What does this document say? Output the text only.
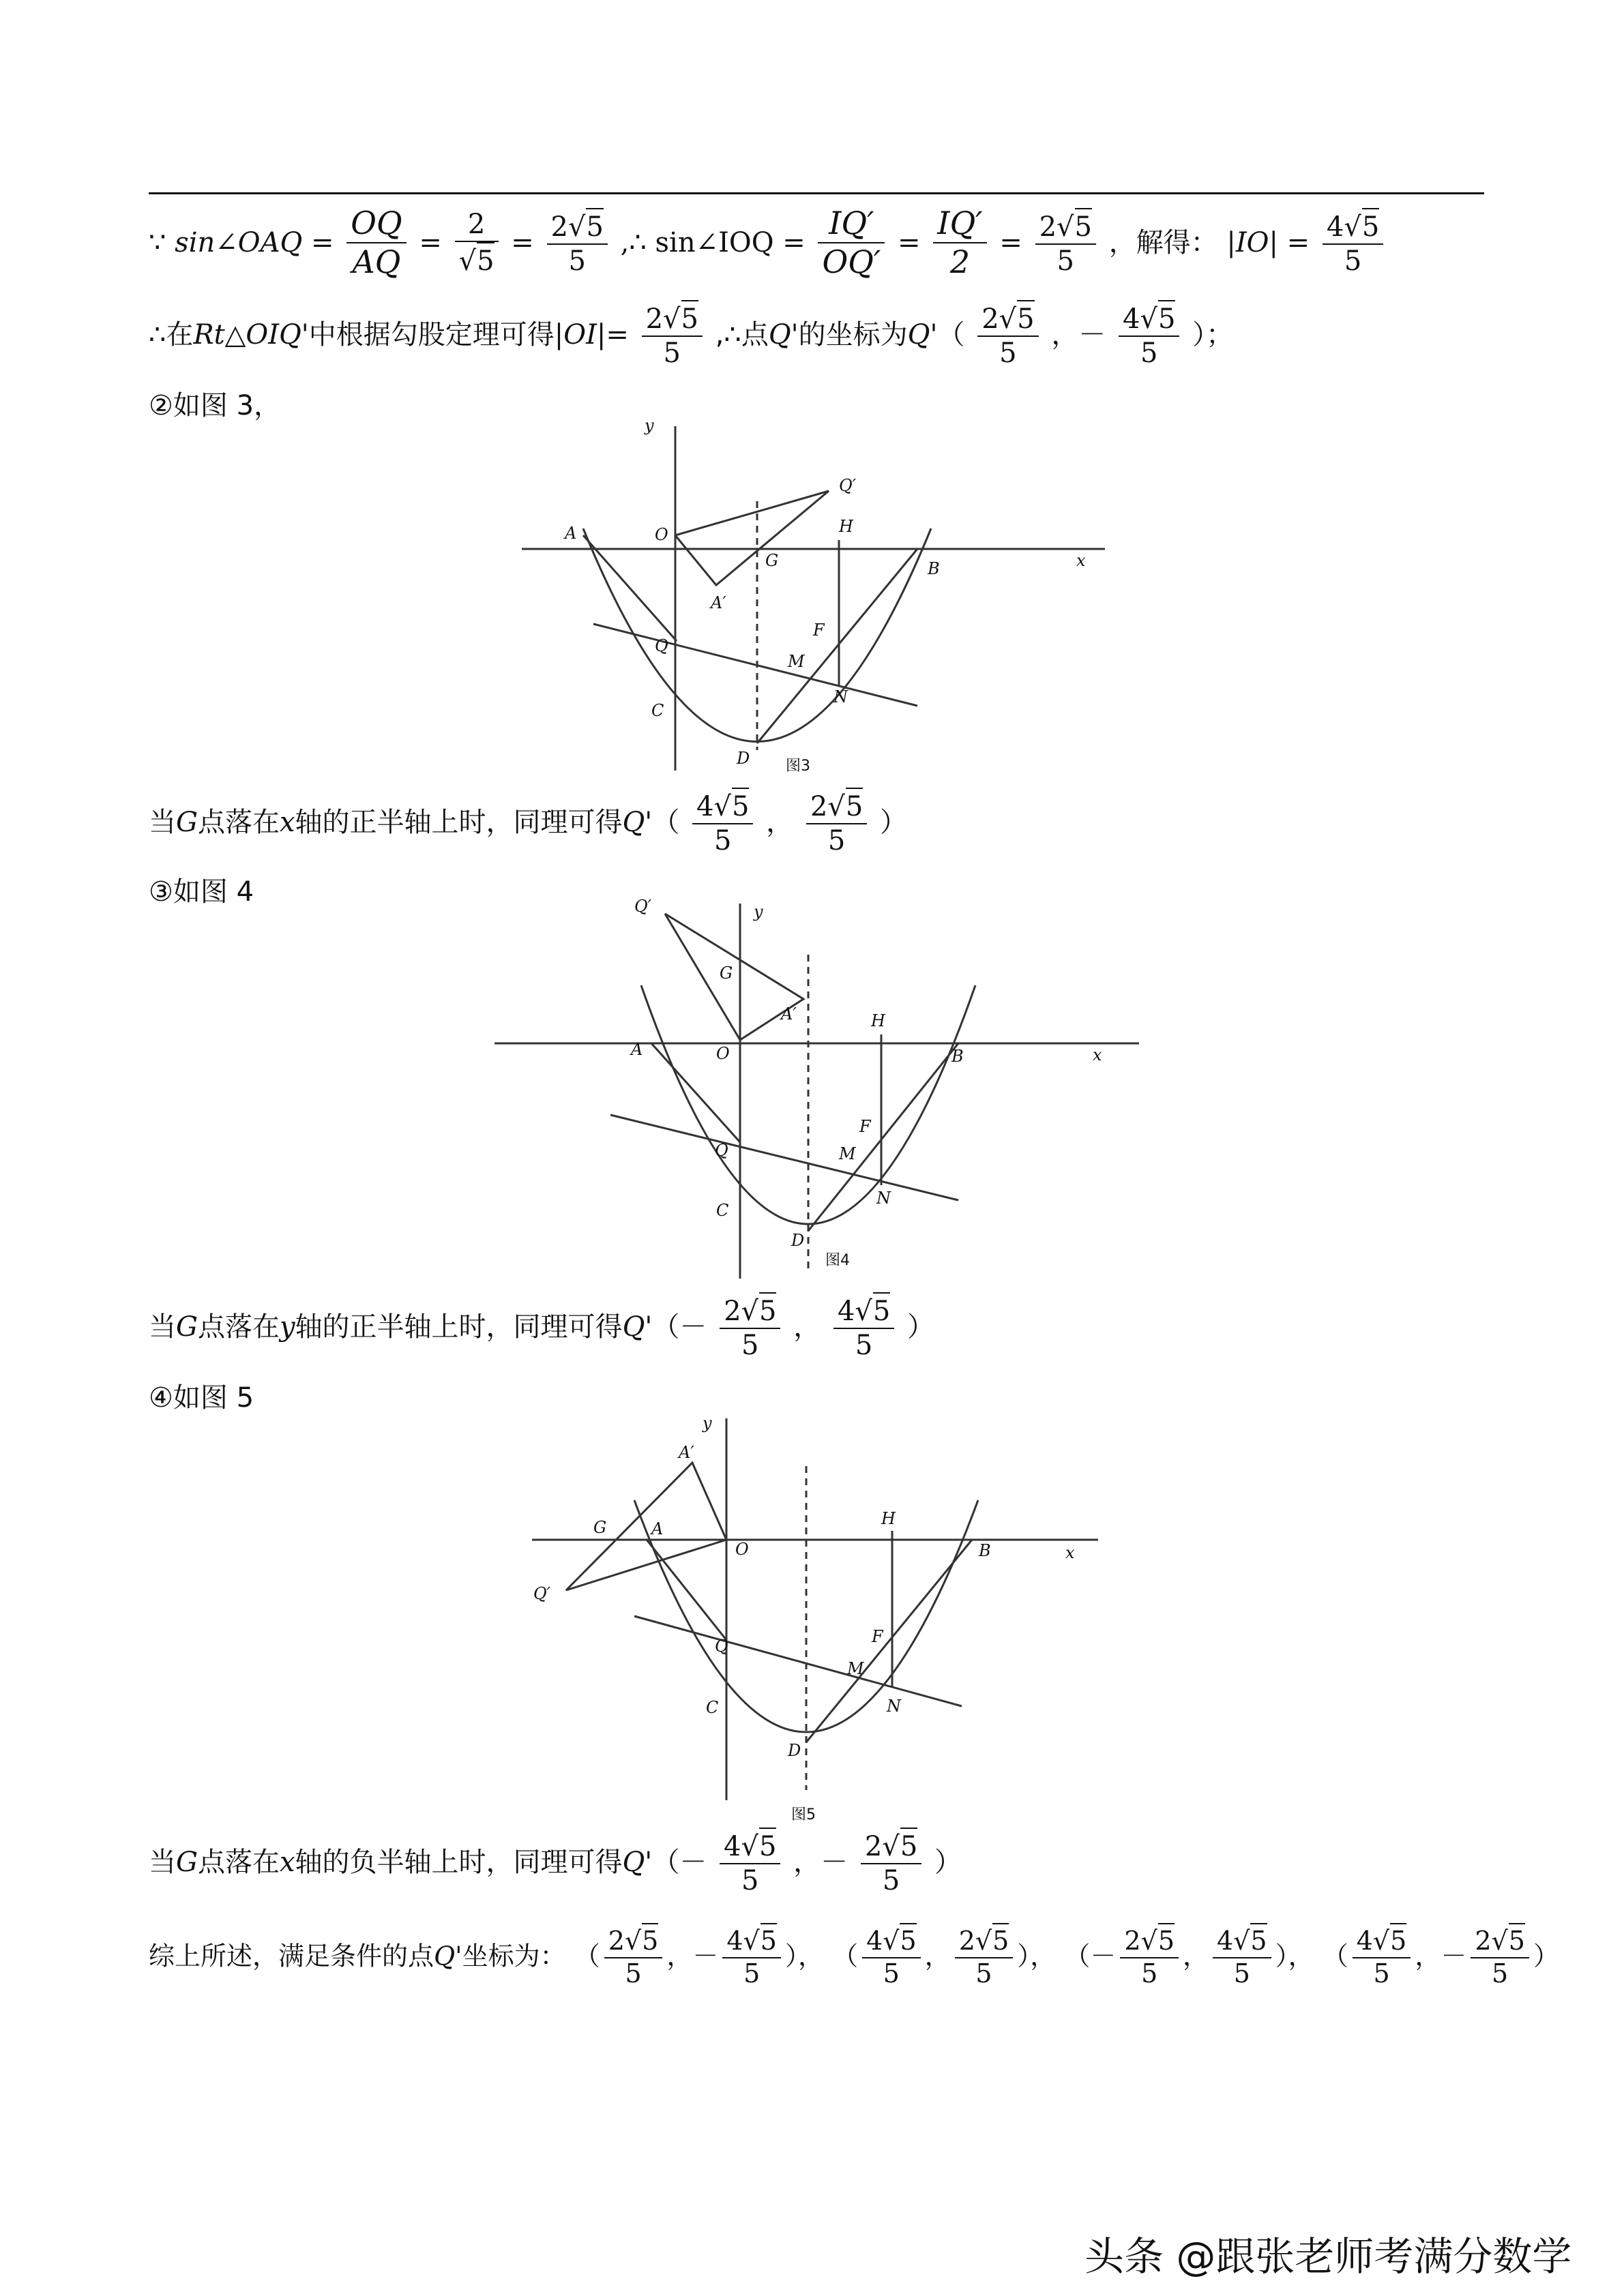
∵ sin∠OAQ = $\frac{OQ}{AQ} = \frac{2}{√5} = \frac{2√5}{5}$ ,∴ sin∠IOQ = $\frac{IQ'}{OQ'} = \frac{IQ'}{2} = \frac{2√5}{5}$ ，解得： $|IO| = \frac{4√5}{5}$
∴在Rt△OIQ'中根据勾股定理可得$|OI|= \frac{2√5}{5}$ ,∴点Q'的坐标为$Q'( \frac{2√5}{5}$ ，－ $\frac{4√5}{5}$ ）；
②如图 3，
A	O
y
x
B
Q
C
D
Q′
A′
G
H
F
M
N
图3
当G点落在x轴的正半轴上时，同理可得$Q'( \frac{4√5}{5}$ ， $\frac{2√5}{5}$ ）
③如图 4	Q′	y
G
A′
A	O
H
B	x
Q
F
M
N
C
D
图4
当G点落在y轴的正半轴上时，同理可得$Q'(- \frac{2√5}{5}$ ， $\frac{4√5}{5}$ ）
④如图 5
y
A′
G	A
O
H
B	x
Q′
Q	F
M
N
C
D
图5
当G点落在x轴的负半轴上时，同理可得$Q'(- \frac{4√5}{5}$ ，－ $\frac{2√5}{5}$ ）
综上所述，满足条件的点Q'坐标为： （ $\frac{2√5}{5}$ ，－ $\frac{4√5}{5}$ ）， （ $\frac{4√5}{5}$ ， $\frac{2√5}{5}$ ）， （－ $\frac{2√5}{5}$ ， $\frac{4√5}{5}$ ）， （ $\frac{4√5}{5}$ ，－ $\frac{2√5}{5}$ ）
头条 @跟张老师考满分数学
